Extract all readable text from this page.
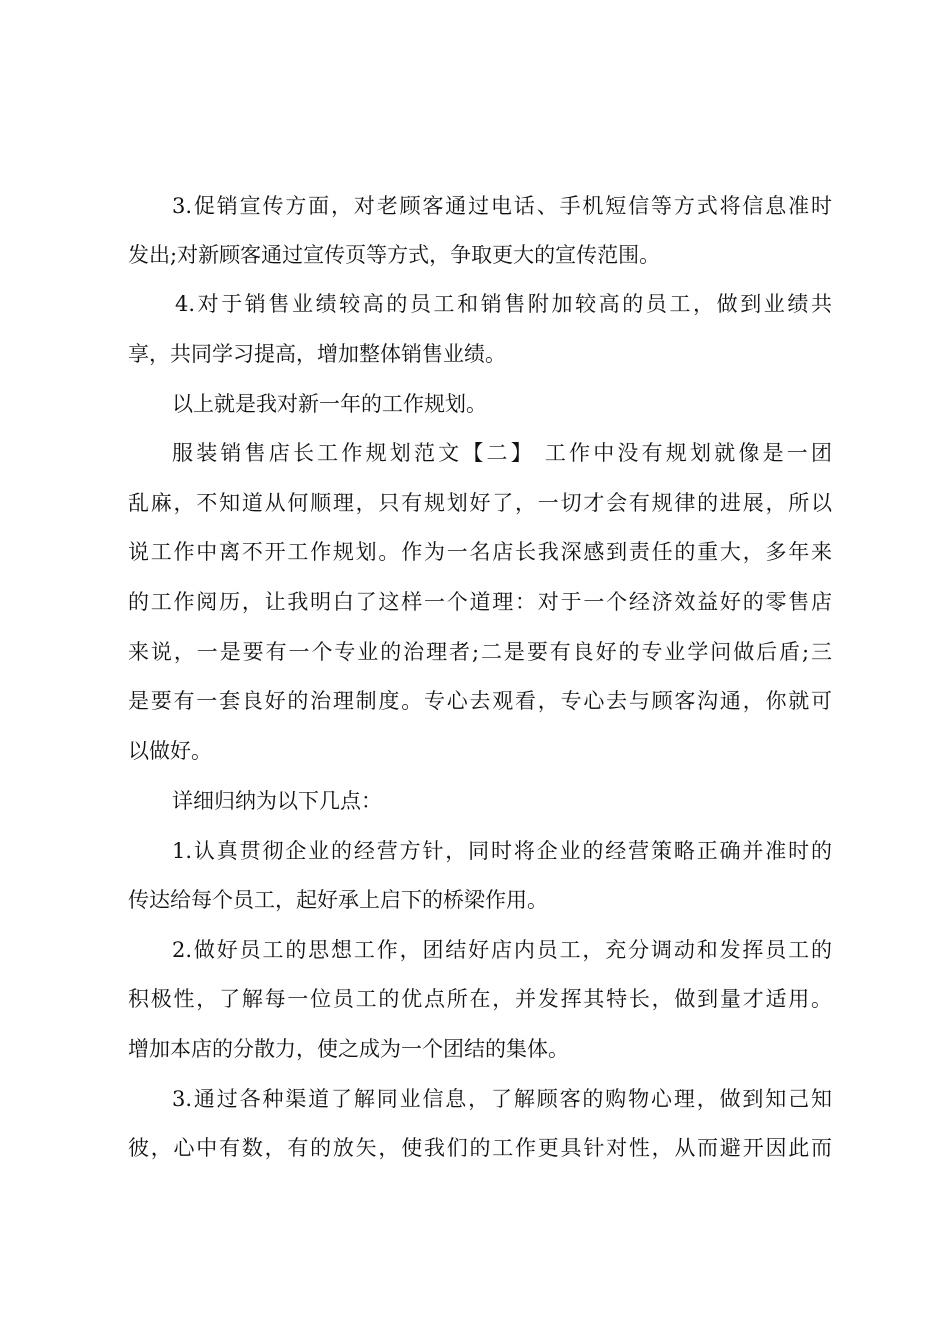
3.促销宣传方面，对老顾客通过电话、手机短信等方式将信息准时
发出;对新顾客通过宣传页等方式，争取更大的宣传范围。
4.对于销售业绩较高的员工和销售附加较高的员工，做到业绩共
享，共同学习提高，增加整体销售业绩。
以上就是我对新一年的工作规划。
服装销售店长工作规划范文【二】 工作中没有规划就像是一团
乱麻，不知道从何顺理，只有规划好了，一切才会有规律的进展，所以
说工作中离不开工作规划。作为一名店长我深感到责任的重大，多年来
的工作阅历，让我明白了这样一个道理：对于一个经济效益好的零售店
来说，一是要有一个专业的治理者;二是要有良好的专业学问做后盾;三
是要有一套良好的治理制度。专心去观看，专心去与顾客沟通，你就可
以做好。
详细归纳为以下几点：
1.认真贯彻企业的经营方针，同时将企业的经营策略正确并准时的
传达给每个员工，起好承上启下的桥梁作用。
2.做好员工的思想工作，团结好店内员工，充分调动和发挥员工的
积极性，了解每一位员工的优点所在，并发挥其特长，做到量才适用。
增加本店的分散力，使之成为一个团结的集体。
3.通过各种渠道了解同业信息，了解顾客的购物心理，做到知己知
彼，心中有数，有的放矢，使我们的工作更具针对性，从而避开因此而
